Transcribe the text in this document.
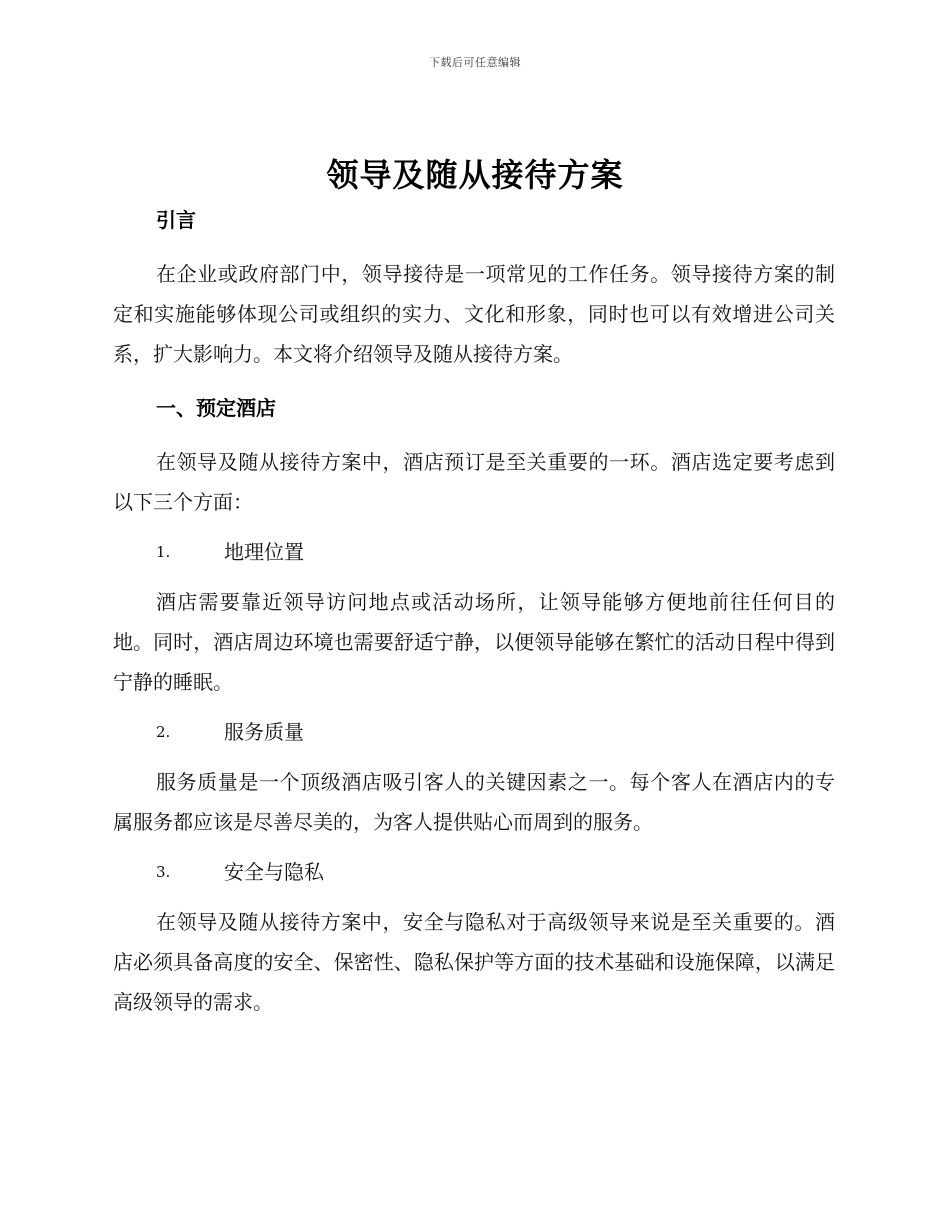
下载后可任意编辑
领导及随从接待方案

引言

在企业或政府部门中，领导接待是一项常见的工作任务。领导接待方案的制定和实施能够体现公司或组织的实力、文化和形象，同时也可以有效增进公司关系，扩大影响力。本文将介绍领导及随从接待方案。

一、预定酒店

在领导及随从接待方案中，酒店预订是至关重要的一环。酒店选定要考虑到以下三个方面：

1.	地理位置

酒店需要靠近领导访问地点或活动场所，让领导能够方便地前往任何目的地。同时，酒店周边环境也需要舒适宁静，以便领导能够在繁忙的活动日程中得到宁静的睡眠。

2.	服务质量

服务质量是一个顶级酒店吸引客人的关键因素之一。每个客人在酒店内的专属服务都应该是尽善尽美的，为客人提供贴心而周到的服务。

3.	安全与隐私

在领导及随从接待方案中，安全与隐私对于高级领导来说是至关重要的。酒店必须具备高度的安全、保密性、隐私保护等方面的技术基础和设施保障，以满足高级领导的需求。
